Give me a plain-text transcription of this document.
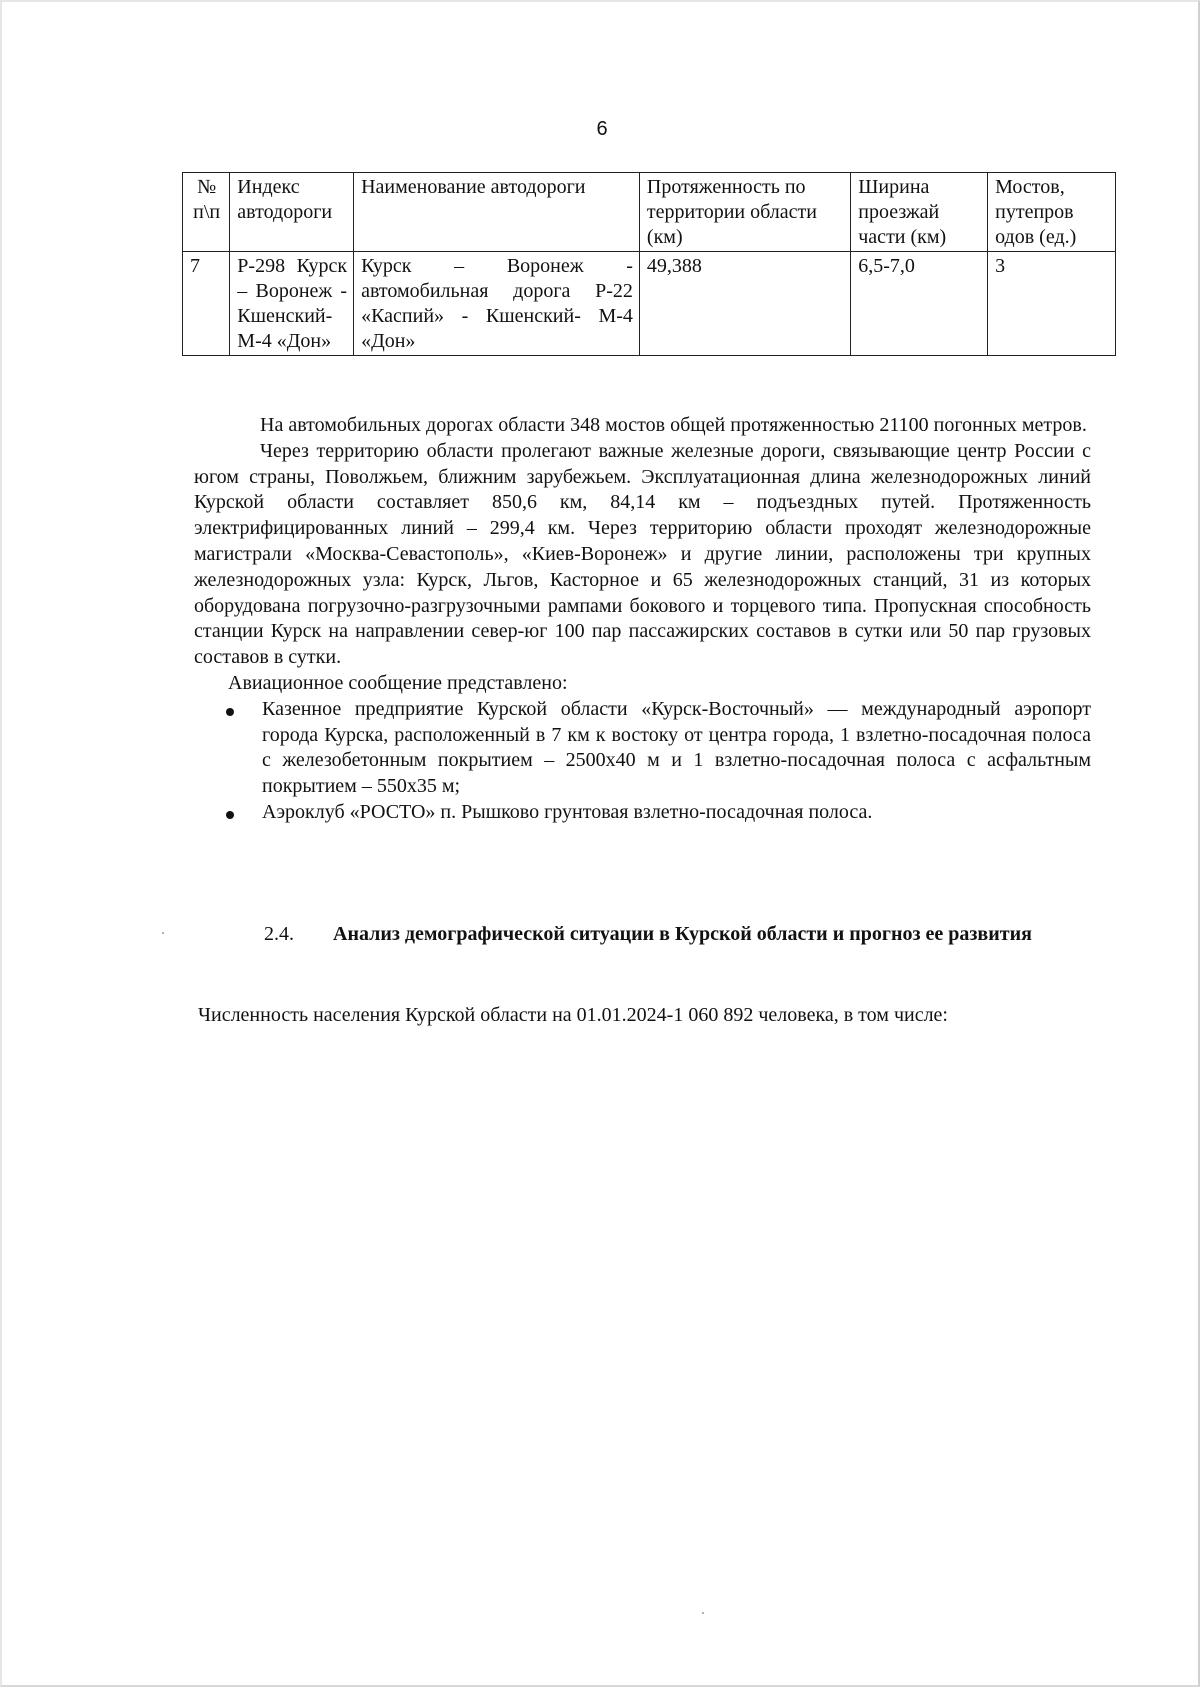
6
№ п\п	Индекс автодороги	Наименование автодороги	Протяженность по территории области (км)	Ширина проезжай части (км)	Мостов, путепров одов (ед.)
7	Р-298 Курск – Воронеж - Кшенский- М-4 «Дон»	Курск – Воронеж - автомобильная дорога Р-22 «Каспий» - Кшенский- М-4 «Дон»	49,388	6,5-7,0	3

На автомобильных дорогах области 348 мостов общей протяженностью 21100 погонных метров.

Через территорию области пролегают важные железные дороги, связывающие центр России с югом страны, Поволжьем, ближним зарубежьем. Эксплуатационная длина железнодорожных линий Курской области составляет 850,6 км, 84,14 км – подъездных путей. Протяженность электрифицированных линий – 299,4 км. Через территорию области проходят железнодорожные магистрали «Москва-Севастополь», «Киев-Воронеж» и другие линии, расположены три крупных железнодорожных узла: Курск, Льгов, Касторное и 65 железнодорожных станций, 31 из которых оборудована погрузочно-разгрузочными рампами бокового и торцевого типа. Пропускная способность станции Курск на направлении север-юг 100 пар пассажирских составов в сутки или 50 пар грузовых составов в сутки.

Авиационное сообщение представлено:

Казенное предприятие Курской области «Курск-Восточный» — международный аэропорт города Курска, расположенный в 7 км к востоку от центра города, 1 взлетно-посадочная полоса с железобетонным покрытием – 2500х40 м и 1 взлетно-посадочная полоса с асфальтным покрытием – 550х35 м;
Аэроклуб «РОСТО» п. Рышково грунтовая взлетно-посадочная полоса.
2.4. Анализ демографической ситуации в Курской области и прогноз ее развития
Численность населения Курской области на 01.01.2024-1 060 892 человека, в том числе:
